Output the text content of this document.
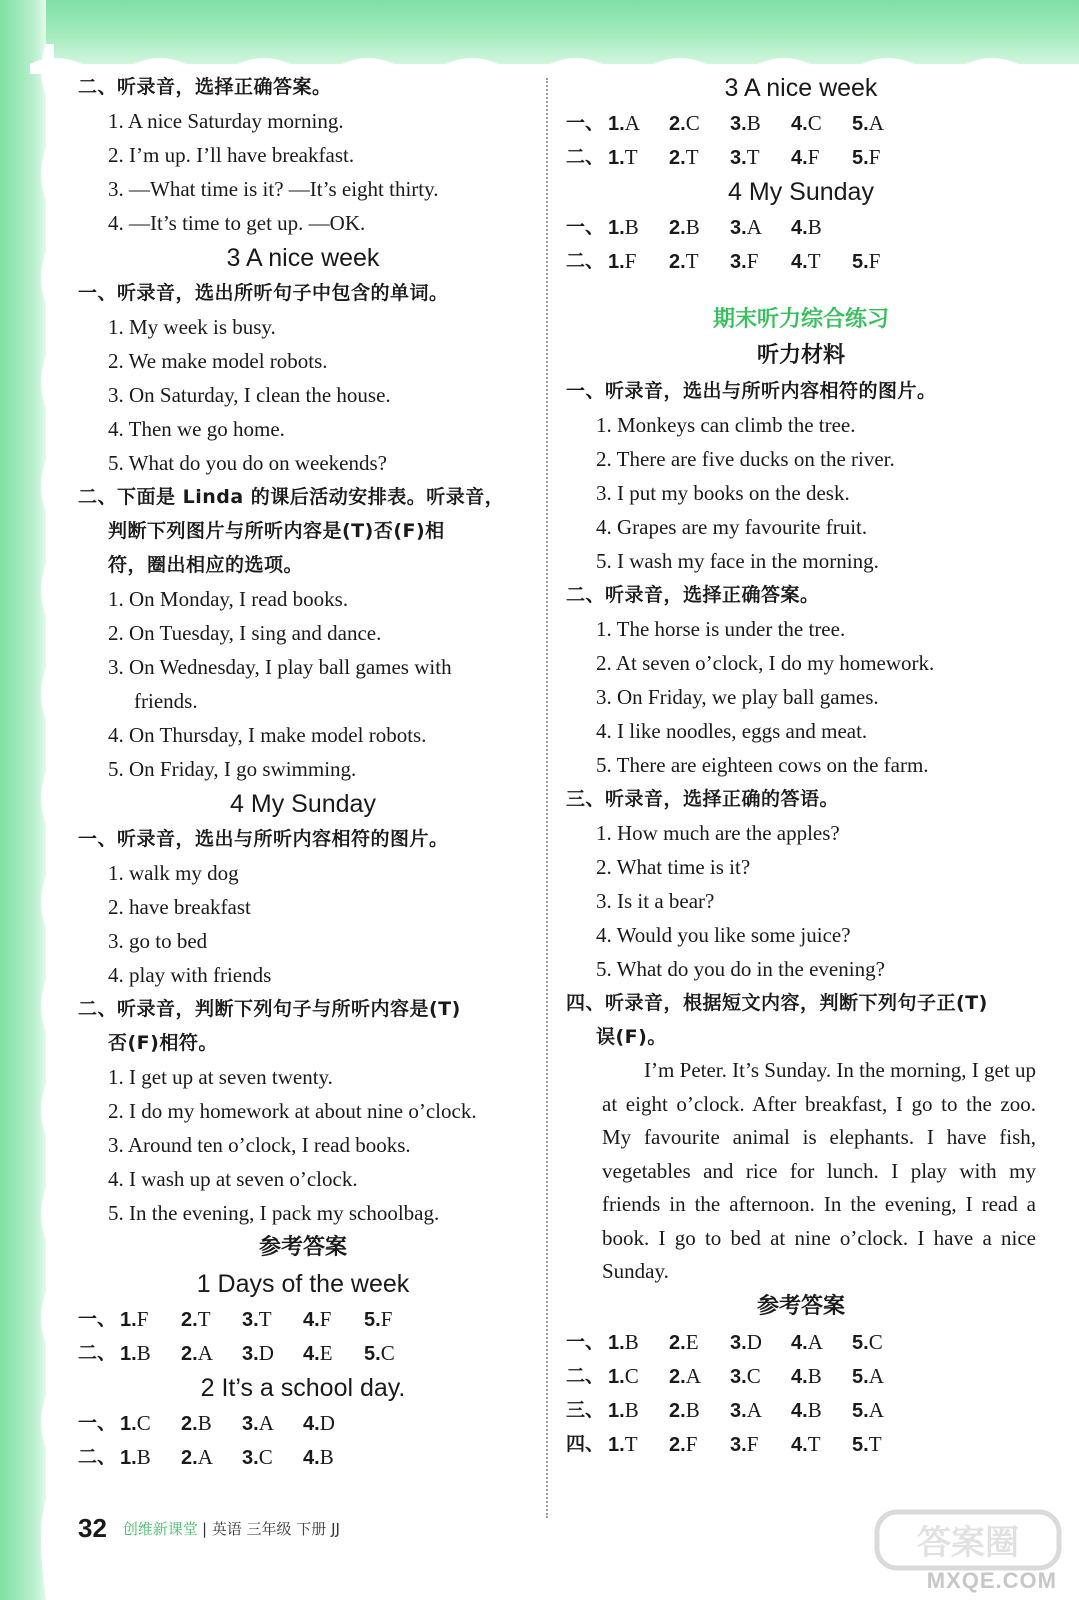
二、听录音，选择正确答案。
1. A nice Saturday morning.
2. I’m up. I’ll have breakfast.
3. —What time is it? —It’s eight thirty.
4. —It’s time to get up. —OK.
3 A nice week
一、听录音，选出所听句子中包含的单词。
1. My week is busy.
2. We make model robots.
3. On Saturday, I clean the house.
4. Then we go home.
5. What do you do on weekends?
二、下面是 Linda 的课后活动安排表。听录音，
判断下列图片与所听内容是(T)否(F)相
符，圈出相应的选项。
1. On Monday, I read books.
2. On Tuesday, I sing and dance.
3. On Wednesday, I play ball games with
friends.
4. On Thursday, I make model robots.
5. On Friday, I go swimming.
4 My Sunday
一、听录音，选出与所听内容相符的图片。
1. walk my dog
2. have breakfast
3. go to bed
4. play with friends
二、听录音，判断下列句子与所听内容是(T)
否(F)相符。
1. I get up at seven twenty.
2. I do my homework at about nine o’clock.
3. Around ten o’clock, I read books.
4. I wash up at seven o’clock.
5. In the evening, I pack my schoolbag.
参考答案
1 Days of the week
一、 1.F	2.T	3.T	4.F	5.F
二、 1.B	2.A	3.D	4.E	5.C
2 It’s a school day.
一、 1.C	2.B	3.A	4.D
二、 1.B	2.A	3.C	4.B
3 A nice week
一、 1.A	2.C	3.B	4.C	5.A
二、 1.T	2.T	3.T	4.F	5.F
4 My Sunday
一、 1.B	2.B	3.A	4.B
二、 1.F	2.T	3.F	4.T	5.F
期末听力综合练习
听力材料
一、听录音，选出与所听内容相符的图片。
1. Monkeys can climb the tree.
2. There are five ducks on the river.
3. I put my books on the desk.
4. Grapes are my favourite fruit.
5. I wash my face in the morning.
二、听录音，选择正确答案。
1. The horse is under the tree.
2. At seven o’clock, I do my homework.
3. On Friday, we play ball games.
4. I like noodles, eggs and meat.
5. There are eighteen cows on the farm.
三、听录音，选择正确的答语。
1. How much are the apples?
2. What time is it?
3. Is it a bear?
4. Would you like some juice?
5. What do you do in the evening?
四、听录音，根据短文内容，判断下列句子正(T)
误(F)。
　　I’m Peter. It’s Sunday. In the morning, I get up at eight o’clock. After breakfast, I go to the zoo. My favourite animal is elephants. I have fish, vegetables and rice for lunch. I play with my friends in the afternoon. In the evening, I read a book. I go to bed at nine o’clock. I have a nice Sunday.
参考答案
一、 1.B	2.E	3.D	4.A	5.C
二、 1.C	2.A	3.C	4.B	5.A
三、 1.B	2.B	3.A	4.B	5.A
四、 1.T	2.F	3.F	4.T	5.T
32 创维新课堂 | 英语 三年级 下册 JJ	答案圈
MXQE.COM
